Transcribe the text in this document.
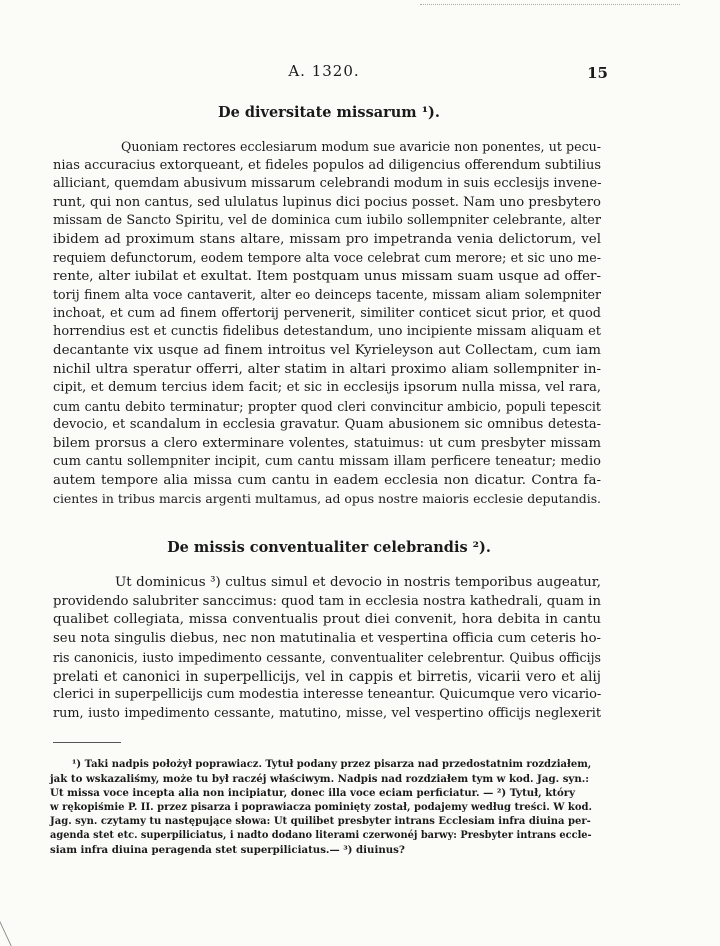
A. 1320.	15
De diversitate missarum ¹).
Quoniam rectores ecclesiarum modum sue avaricie non ponentes, ut pecu-
nias accuracius extorqueant, et fideles populos ad diligencius offerendum subtilius
alliciant, quemdam abusivum missarum celebrandi modum in suis ecclesijs invene-
runt, qui non cantus, sed ululatus lupinus dici pocius posset. Nam uno presbytero
missam de Sancto Spiritu, vel de dominica cum iubilo sollempniter celebrante, alter
ibidem ad proximum stans altare, missam pro impetranda venia delictorum, vel
requiem defunctorum, eodem tempore alta voce celebrat cum merore; et sic uno me-
rente, alter iubilat et exultat. Item postquam unus missam suam usque ad offer-
torij finem alta voce cantaverit, alter eo deinceps tacente, missam aliam solempniter
inchoat, et cum ad finem offertorij pervenerit, similiter conticet sicut prior, et quod
horrendius est et cunctis fidelibus detestandum, uno incipiente missam aliquam et
decantante vix usque ad finem introitus vel Kyrieleyson aut Collectam, cum iam
nichil ultra speratur offerri, alter statim in altari proximo aliam sollempniter in-
cipit, et demum tercius idem facit; et sic in ecclesijs ipsorum nulla missa, vel rara,
cum cantu debito terminatur; propter quod cleri convincitur ambicio, populi tepescit
devocio, et scandalum in ecclesia gravatur. Quam abusionem sic omnibus detesta-
bilem prorsus a clero exterminare volentes, statuimus: ut cum presbyter missam
cum cantu sollempniter incipit, cum cantu missam illam perficere teneatur; medio
autem tempore alia missa cum cantu in eadem ecclesia non dicatur. Contra fa-
cientes in tribus marcis argenti multamus, ad opus nostre maioris ecclesie deputandis.
De missis conventualiter celebrandis ²).
Ut dominicus ³) cultus simul et devocio in nostris temporibus augeatur,
providendo salubriter sanccimus: quod tam in ecclesia nostra kathedrali, quam in
qualibet collegiata, missa conventualis prout diei convenit, hora debita in cantu
seu nota singulis diebus, nec non matutinalia et vespertina officia cum ceteris ho-
ris canonicis, iusto impedimento cessante, conventualiter celebrentur. Quibus officijs
prelati et canonici in superpellicijs, vel in cappis et birretis, vicarii vero et alij
clerici in superpellicijs cum modestia interesse teneantur. Quicumque vero vicario-
rum, iusto impedimento cessante, matutino, misse, vel vespertino officijs neglexerit
¹) Taki nadpis położył poprawiacz. Tytuł podany przez pisarza nad przedostatnim rozdziałem,
jak to wskazaliśmy, może tu był raczéj właściwym. Nadpis nad rozdziałem tym w kod. Jag. syn.:
Ut missa voce incepta alia non incipiatur, donec illa voce eciam perficiatur. — ²) Tytuł, który
w rękopiśmie P. II. przez pisarza i poprawiacza pominięty został, podajemy według treści. W kod.
Jag. syn. czytamy tu następujące słowa: Ut quilibet presbyter intrans Ecclesiam infra diuina per-
agenda stet etc. superpiliciatus, i nadto dodano literami czerwonéj barwy: Presbyter intrans eccle-
siam infra diuina peragenda stet superpiliciatus.— ³) diuinus?
